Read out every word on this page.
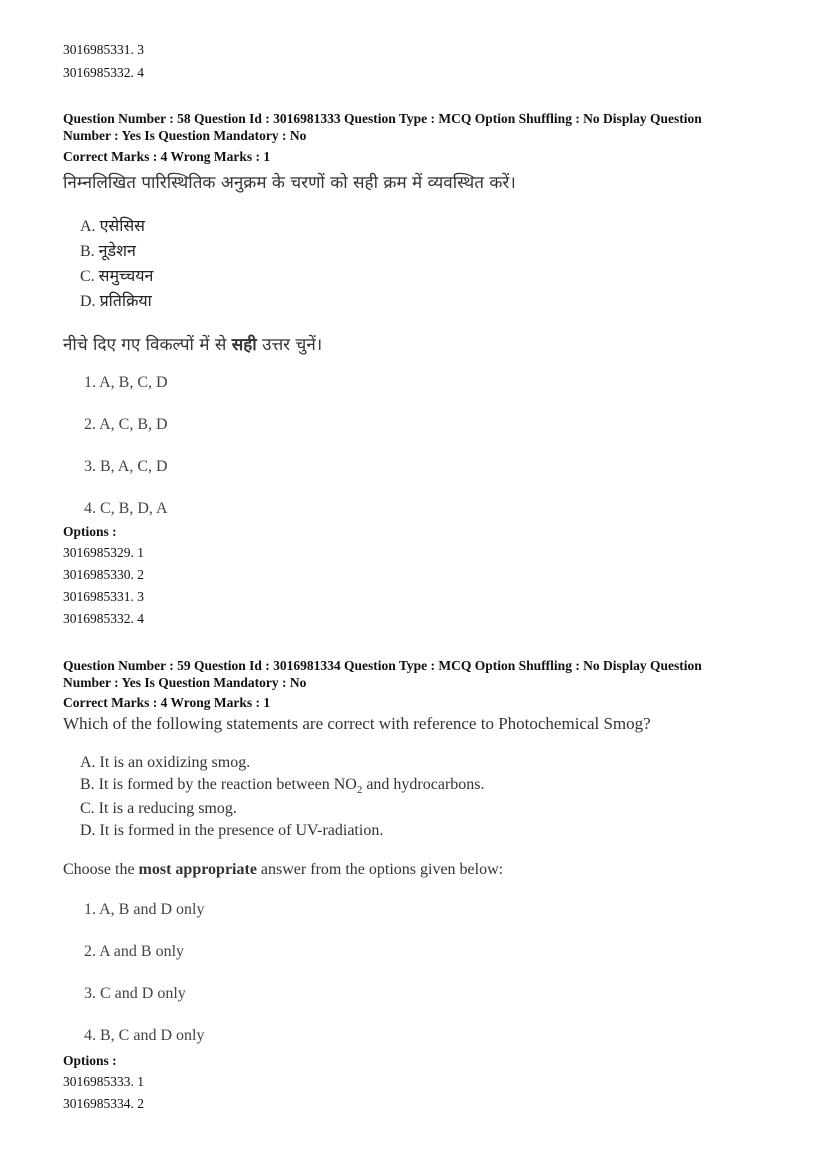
3016985331. 3
3016985332. 4
Question Number : 58 Question Id : 3016981333 Question Type : MCQ Option Shuffling : No Display Question
Number : Yes Is Question Mandatory : No
Correct Marks : 4 Wrong Marks : 1
निम्नलिखित पारिस्थितिक अनुक्रम के चरणों को सही क्रम में व्यवस्थित करें।
A. एसेसिस
B. नूडेशन
C. समुच्चयन
D. प्रतिक्रिया
नीचे दिए गए विकल्पों में से सही उत्तर चुनें।
1. A, B, C, D
2. A, C, B, D
3. B, A, C, D
4. C, B, D, A
Options :
3016985329. 1
3016985330. 2
3016985331. 3
3016985332. 4
Question Number : 59 Question Id : 3016981334 Question Type : MCQ Option Shuffling : No Display Question
Number : Yes Is Question Mandatory : No
Correct Marks : 4 Wrong Marks : 1
Which of the following statements are correct with reference to Photochemical Smog?
A. It is an oxidizing smog.
B. It is formed by the reaction between $NO_2$ and hydrocarbons.
C. It is a reducing smog.
D. It is formed in the presence of UV-radiation.
Choose the most appropriate answer from the options given below:
1. A, B and D only
2. A and B only
3. C and D only
4. B, C and D only
Options :
3016985333. 1
3016985334. 2
